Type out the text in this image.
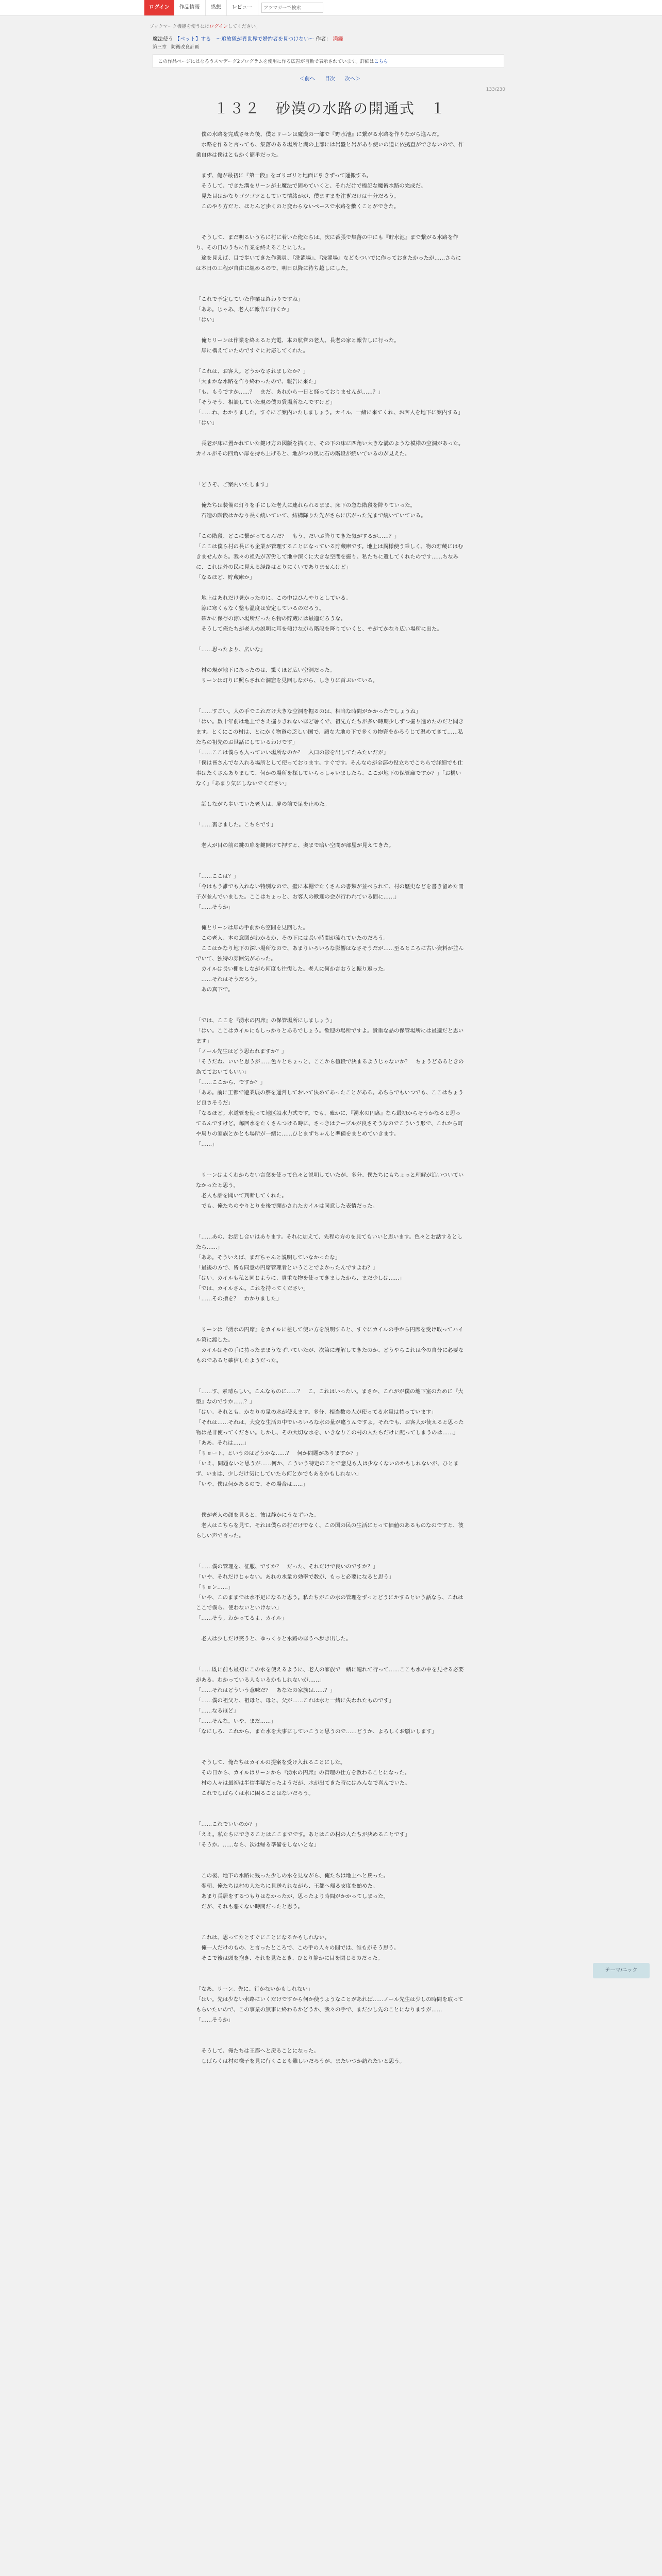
ログイン	作品情報	感想	レビュー
アツマガーで検索
ブックマーク機能を使うにはログインしてください。
魔法使う 【ペット】する　〜追放隊が異世界で婚約者を見つけない〜 作者： 満鑑
第三章　防衛改良計画
この作品ページにはなろうスマデーグ2プログラムを使用に作る広告が自動で表示されています。詳細はこちら
＜前へ 目次 次へ＞
133/230
１３２　砂漠の水路の開通式　１

　僕の水路を完成させた後、僕とリーンは魔漠の一部で『野水池』に繋がる水路を作りながら進んだ。

　水路を作ると言っても、集落のある場所と湖の上部には岩盤と岩があり使いの道に依拠直ができないので、作業自体は僕はともかく簡単だった。

　まず、俺が最初に『第一段』をゴリゴリと地面に引きずって運搬する。

　そうして、できた溝をリーンが土魔法で固めていくと、それだけで標記な魔術水路の完成だ。

　見た目はかなりゴツゴツとしていて情緒がが、僕ますまを注ぎだけは十分だろう。

　このやり方だと、ほとんど歩くのと変わらないペースで水路を敷くことができた。

　そうして、まだ明るいうちに村に着いた俺たちは、次に番張で集落の中にも『貯水池』まで繋がる水路を作り、その日のうちに作業を終えることにした。

　途を見えば、目で歩いてきた作業員、『洗濯場』、『洗濯場』などもついでに作っておきたかったが……さらには本日の工程が自由に組めるので、明日以降に待ち越しにした。

「これで予定していた作業は終わりですね」

「ああ。じゃあ、老人に報告に行くか」

「はい」

　俺とリーンは作業を終えると充電、本の航営の老人、長老の家と報告しに行った。

　扉に構えていたのですぐに対応してくれた。

「これは、お客人。どうかなされましたか？」

「大まかな水路を作り終わったので、報告に来た」

「も、もうですか……？　まだ、あれから一日と経っておりませんが……？」

「そうそう、相談していた現の僕の貸場所なんですけど」

「……わ、わかりました。すぐにご案内いたしましょう。カイル、一緒に来てくれ、お客人を地下に案内する」

「はい」

　長老が床に置かれていた鍵け方の図版を描くと、その下の床に四角い大きな溝のような模様の空洞があった。カイルがその四角い扉を持ち上げると、地がつの奥に石の階段が続いているのが見えた。

「どうぞ、ご案内いたします」

　俺たちは装備の灯りを手にした老人に連れられるまま、床下の急な階段を降りていった。

　石造の階段はかなり長く続いていて、結構降りた先がさらに広がった先まで続いていている。

「この階段、どこに繋がってるんだ？　もう、だいぶ降りてきた気がするが……？」

「ここは僕ら村の長にも企業が管理することになっている貯蔵庫です。地上は異様使う乗しく、物の貯蔵にはむきませんから。我々の祖先が苦労して地中深くに大きな空間を掘り、私たちに遺してくれたのです……ちなみに、これは外の民に見える経路はとりにくいでありませんけど」

「なるほど、貯蔵庫か」

　地上はあれだけ暑かったのに、この中はひんやりとしている。

　涼に寒くもなく整も温度は安定しているのだろう。

　確かに保存の涼い場所だったら物の貯蔵には最適だろうな。

　そうして俺たちが老人の説明に耳を傾けながら階段を降りていくと、やがてかなり広い場所に出た。

「……思ったより、広いな」

　村の規が地下にあったのは、驚くほど広い空洞だった。

　リーンは灯りに照らされた洞窟を見回しながら、しきりに首ぶいている。

「……すごい。人の手でこれだけ大きな空洞を掘るのは、相当な時間がかかったでしょうね」

「はい。数十年前は地上でさえ掘りきれないほど暑くで、祖先方たちが多い時期少しずつ掘り進めたのだと聞きます。とくにこの村は、とにかく物資の乏しい国で、頑な大地の下で多くの物資をかろうじて温めてきて……私たちの祖先のお世話にしているわけです」

「……ここは僕らも入っていい場所なのか？　入口の影を出してたみたいだが」

「僕は皆さんでな入れる場所として使っております。すぐです。そんなのが全部の役立ちでこちらで詳細でも仕事はたくさんありまして、何かの場所を探していらっしゃいましたら、ここが地下の保管庫ですか？」「お構いなく」「あまり気にしないでください」

　話しながら歩いていた老人は、扉の前で足を止めた。

「……裏きました。こちらです」

　老人が目の前の鍵の扉を鍵開けて押すと、奥まで暗い空間が部屋が見えてきた。

「……ここは？」

「今はもう誰でも入れない特別なので、壁に本棚でたくさんの書類が並べられて、村の歴史などを書き留めた冊子が並んでいました。ここはちょっと、お客人の歓迎の会が行われている間に……」

「……そうか」

　俺とリーンは扉の手前から空間を見回した。

　この老人、本の意図がわかるか、その下には長い時間が流れていたのだろう。

　ここはかなり地下の深い場所なので、あまりいろいろな影響はなさそうだが……至るところに古い資料が並んでいて、独特の雰囲気があった。

　カイルは長い棚をしながら何度も往復した。老人に何か言おうと振り返った。

　……それはそうだろう。

　あの真下で。

「では、ここを『湧水の円席』の保管場所にしましょう」

「はい。ここはカイルにもしっかりとあるでしょう。歓迎の場所ですよ。貴重な品の保管場所には最適だと思います」

「ノール先生はどう思われますか？」

「そうだね、いいと思うが……色々とちょっと、ここから値段で決まるようじゃないか？　ちょうどあるときの為てておいてもいい」

「……ここから、ですか？」

「ああ。前に王都で遊業展の寮を運営しておいて決めてあったことがある。あちらでもいつでも、ここはちょうど良さそうだ」

「なるほど。水道管を使って地区設水力式です。でも、確かに、『湧水の円席』なら最初からそうかなると思ってるんですけど。毎回水をたくさんつける時に、さっきはテーブルが良さそうなのでこういう形で、これから町や周りの家族とかとも場所が一緒に……ひとまずちゃんと準備をまとめていきます。

「……」

　リーンはよくわからない言葉を使って色々と説明していたが、多分、僕たちにもちょっと理解が追いついていなかったと思う。

　老人も話を聞いて判断してくれた。

　でも、俺たちのやりとりを後で聞かされたカイルは同意した表情だった。

「……あの、お話し合いはあります。それに加えて、先程の方のを見てもいいと思います。色々とお話するとしたら……」

「ああ。そういえば、まだちゃんと説明していなかったな」

「最後の方で、皆も同意の円席管理者ということでよかったんですよね？」

「はい。カイルも私と同じように、貴重な物を使ってきましたから、まだ少しは……」

「では、カイルさん。これを持ってください」

「……その指を？　わかりました」

　リーンは『湧水の円席』をカイルに差して使い方を説明すると、すぐにカイルの手から円席を受け取ってハイル第に渡した。

　カイルはその手に持ったままうなずいていたが、次第に理解してきたのか、どうやらこれは今の自分に必要なものであると確信したようだった。

「……す、素晴らしい。こんなものに……？　こ、これはいったい。まさか、これがが僕の地下室のために『大型』なのですか……？」

「はい。それとも、かなりの量の水が使えます。多分、相当数の人が使ってる水量は持っています」

「それは……それは、大変な生活の中でいろいろな水の量が違うんですよ。それでも、お客人が使えると思った物は是非使ってください。しかし、その大切な水を、いきなりこの村の人たちだけに配ってしまうのは……」

「ああ。それは……」

「リョート、というのはどうかな……？　何か問題がありますか？」

「いえ、問題ないと思うが……何か、こういう特定のことで意見も人は少なくないのかもしれないが、ひとまず、いまは、少しだけ気にしていたら何とかでもあるかもしれない」

「いや、僕は何かあるので、その場合は……」

　僕が老人の顔を見ると、彼は静かにうなずいた。

　老人はこちらを見て、それは僕らの村だけでなく、この国の民の生活にとって価値のあるものなのですと、彼らしい声で言った。

「……僕の管理を、征服、ですか？　だった、それだけで良いのですか？」

「いや、それだけじゃない。あれの水量の効率で数が、もっと必要になると思う」

「リョン……」

「いや、このままでは水不足になると思う。私たちがこの水の管理をずっとどうにかするという話なら、これはここで僕ら、使わないといけない」

「……そう。わかってるよ、カイル」

　老人は少しだけ笑うと、ゆっくりと水路のほうへ歩き出した。

「……既に前も最初にこの水を使えるように、老人の家族で一緒に連れて行って……ここも水の中を見せる必要がある。わかっている人もいるかもしれないが……」

「……それはどういう意味だ？　あなたの家族は……？」

「……僕の祖父と、祖母と、母と、父が……これは水と一緒に失われたものです」

「……なるほど」

「……そんな。いや、まだ……」

「なにしろ、これから、また水を大事にしていこうと思うので……どうか、よろしくお願いします」

　そうして、俺たちはカイルの提案を受け入れることにした。

　その日から、カイルはリーンから『湧水の円席』の管理の仕方を教わることになった。

　村の人々は最初は半信半疑だったようだが、水が出てきた時にはみんなで喜んでいた。

　これでしばらくは水に困ることはないだろう。

「……これでいいのか？」

「ええ。私たちにできることはここまでです。あとはこの村の人たちが決めることです」

「そうか。……なら、次は帰る準備をしないとな」

　この後、地下の水路に残った少しの水を見ながら、俺たちは地上へと戻った。

　翌朝、俺たちは村の人たちに見送られながら、王都へ帰る支度を始めた。

　あまり長居をするつもりはなかったが、思ったより時間がかかってしまった。

　だが、それも悪くない時間だったと思う。

　これは、思ってたとすぐにことになるかもしれない。

　俺一人だけのもの、と言ったところで、この手の人々の間では、誰もがそう思う。

　そこで後は頭を抱き、それを見たとき、ひとり静かに目を閉じるのだった。

「なあ、リーン。先に、行かないかもしれない」

「はい。先は少ない水路にいくだけですから何か使うようなことがあれば……ノール先生は少しの時間を取ってもらいたいので、この事業の無事に終わるかどうか、我々の手で、まだ少し先のことになりますが……

「……そうか」

　そうして、俺たちは王都へと戻ることになった。

　しばらくは村の様子を見に行くことも難しいだろうが、またいつか訪れたいと思う。

テーマ/ニック
